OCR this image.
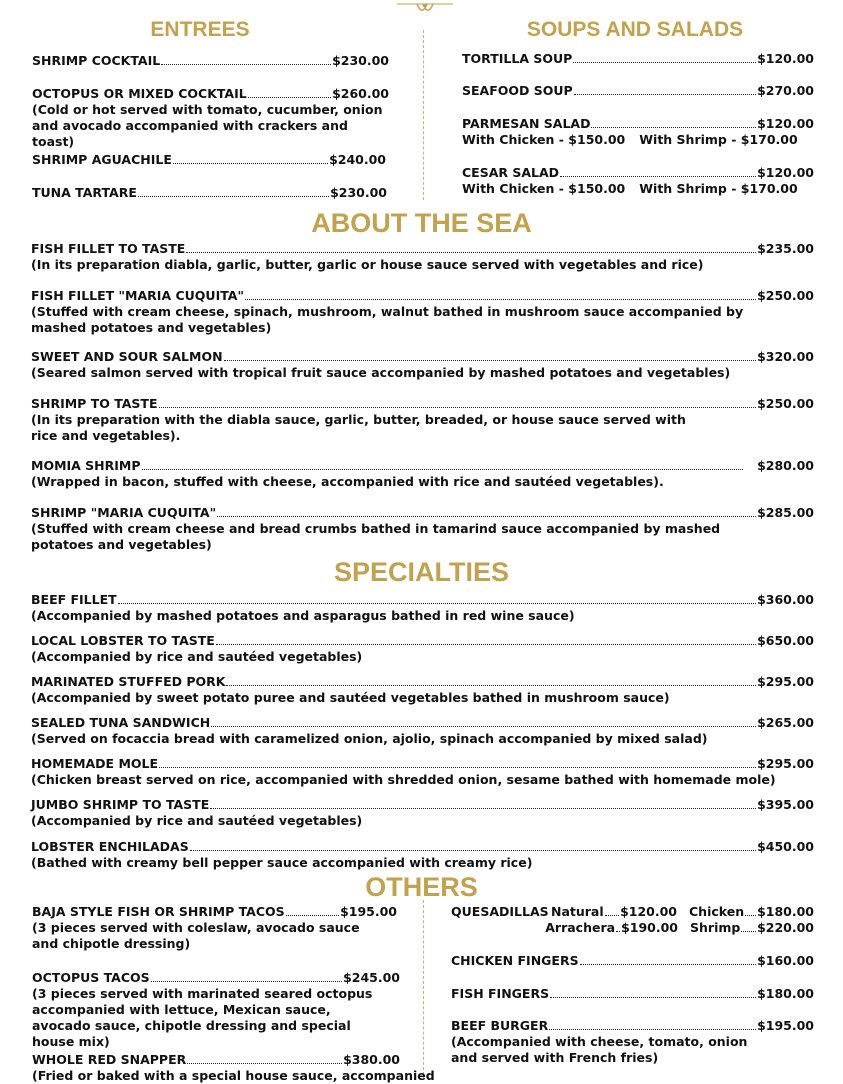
ENTREES
SHRIMP COCKTAIL	$230.00
OCTOPUS OR MIXED COCKTAIL	$260.00
(Cold or hot served with tomato, cucumber, onion and avocado accompanied with crackers and toast)
SHRIMP AGUACHILE	$240.00
TUNA TARTARE	$230.00
SOUPS AND SALADS
TORTILLA SOUP	$120.00
SEAFOOD SOUP	$270.00
PARMESAN SALAD	$120.00
With Chicken - $150.00 With Shrimp - $170.00
CESAR SALAD	$120.00
With Chicken - $150.00 With Shrimp - $170.00
ABOUT THE SEA
FISH FILLET TO TASTE	$235.00
(In its preparation diabla, garlic, butter, garlic or house sauce served with vegetables and rice)
FISH FILLET "MARIA CUQUITA"	$250.00
(Stuffed with cream cheese, spinach, mushroom, walnut bathed in mushroom sauce accompanied by mashed potatoes and vegetables)
SWEET AND SOUR SALMON	$320.00
(Seared salmon served with tropical fruit sauce accompanied by mashed potatoes and vegetables)
SHRIMP TO TASTE	$250.00
(In its preparation with the diabla sauce, garlic, butter, breaded, or house sauce served with rice and vegetables).
MOMIA SHRIMP	$280.00
(Wrapped in bacon, stuffed with cheese, accompanied with rice and sautéed vegetables).
SHRIMP "MARIA CUQUITA"	$285.00
(Stuffed with cream cheese and bread crumbs bathed in tamarind sauce accompanied by mashed potatoes and vegetables)
SPECIALTIES
BEEF FILLET	$360.00
(Accompanied by mashed potatoes and asparagus bathed in red wine sauce)
LOCAL LOBSTER TO TASTE	$650.00
(Accompanied by rice and sautéed vegetables)
MARINATED STUFFED PORK	$295.00
(Accompanied by sweet potato puree and sautéed vegetables bathed in mushroom sauce)
SEALED TUNA SANDWICH	$265.00
(Served on focaccia bread with caramelized onion, ajolio, spinach accompanied by mixed salad)
HOMEMADE MOLE	$295.00
(Chicken breast served on rice, accompanied with shredded onion, sesame bathed with homemade mole)
JUMBO SHRIMP TO TASTE	$395.00
(Accompanied by rice and sautéed vegetables)
LOBSTER ENCHILADAS	$450.00
(Bathed with creamy bell pepper sauce accompanied with creamy rice)
OTHERS
BAJA STYLE FISH OR SHRIMP TACOS	$195.00
(3 pieces served with coleslaw, avocado sauce and chipotle dressing)
OCTOPUS TACOS	$245.00
(3 pieces served with marinated seared octopus accompanied with lettuce, Mexican sauce, avocado sauce, chipotle dressing and special house mix)
WHOLE RED SNAPPER	$380.00
(Fried or baked with a special house sauce, accompanied
QUESADILLAS Natural $120.00 Chicken $180.00
Arrachera $190.00 Shrimp $220.00
CHICKEN FINGERS	$160.00
FISH FINGERS	$180.00
BEEF BURGER	$195.00
(Accompanied with cheese, tomato, onion and served with French fries)
